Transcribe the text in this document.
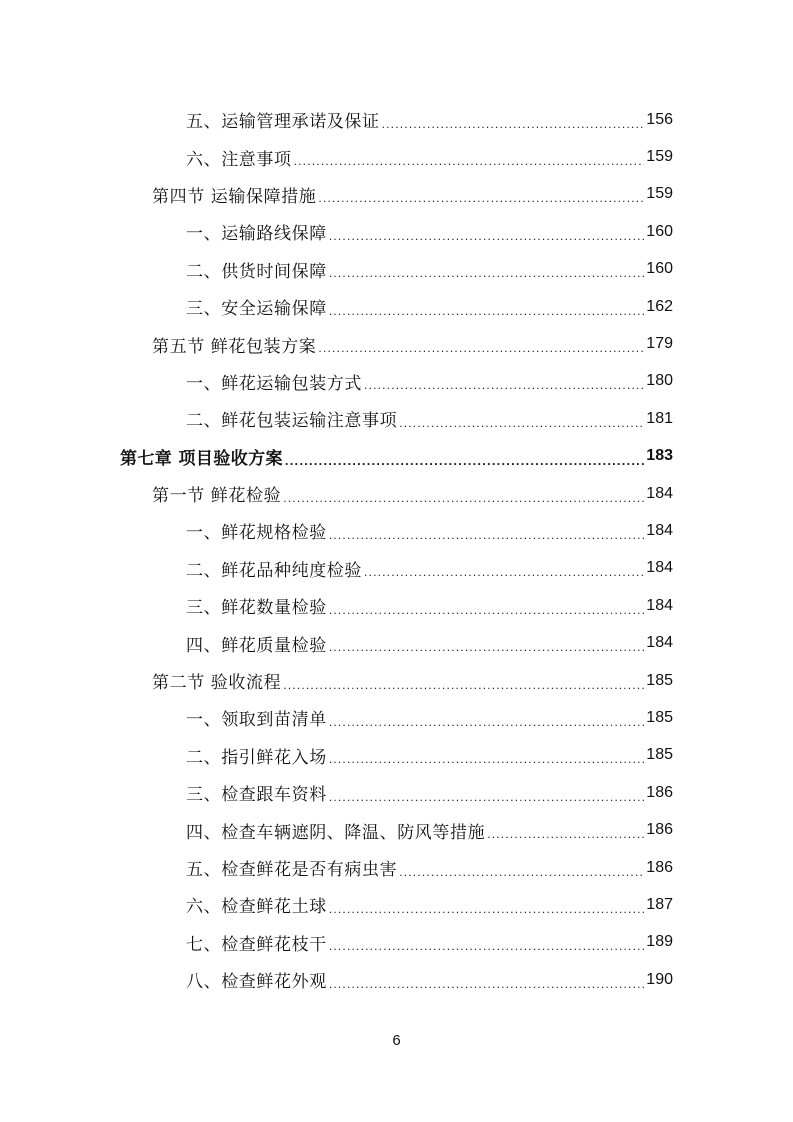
五、运输管理承诺及保证 .....	156
六、注意事项 .....	159
第四节 运输保障措施 .....	159
一、运输路线保障 .....	160
二、供货时间保障 .....	160
三、安全运输保障 .....	162
第五节 鲜花包装方案 .....	179
一、鲜花运输包装方式 .....	180
二、鲜花包装运输注意事项 .....	181
第七章 项目验收方案 .....	183
第一节 鲜花检验 .....	184
一、鲜花规格检验 .....	184
二、鲜花品种纯度检验 .....	184
三、鲜花数量检验 .....	184
四、鲜花质量检验 .....	184
第二节 验收流程 .....	185
一、领取到苗清单 .....	185
二、指引鲜花入场 .....	185
三、检查跟车资料 .....	186
四、检查车辆遮阴、降温、防风等措施 .....	186
五、检查鲜花是否有病虫害 .....	186
六、检查鲜花土球 .....	187
七、检查鲜花枝干 .....	189
八、检查鲜花外观 .....	190
6
